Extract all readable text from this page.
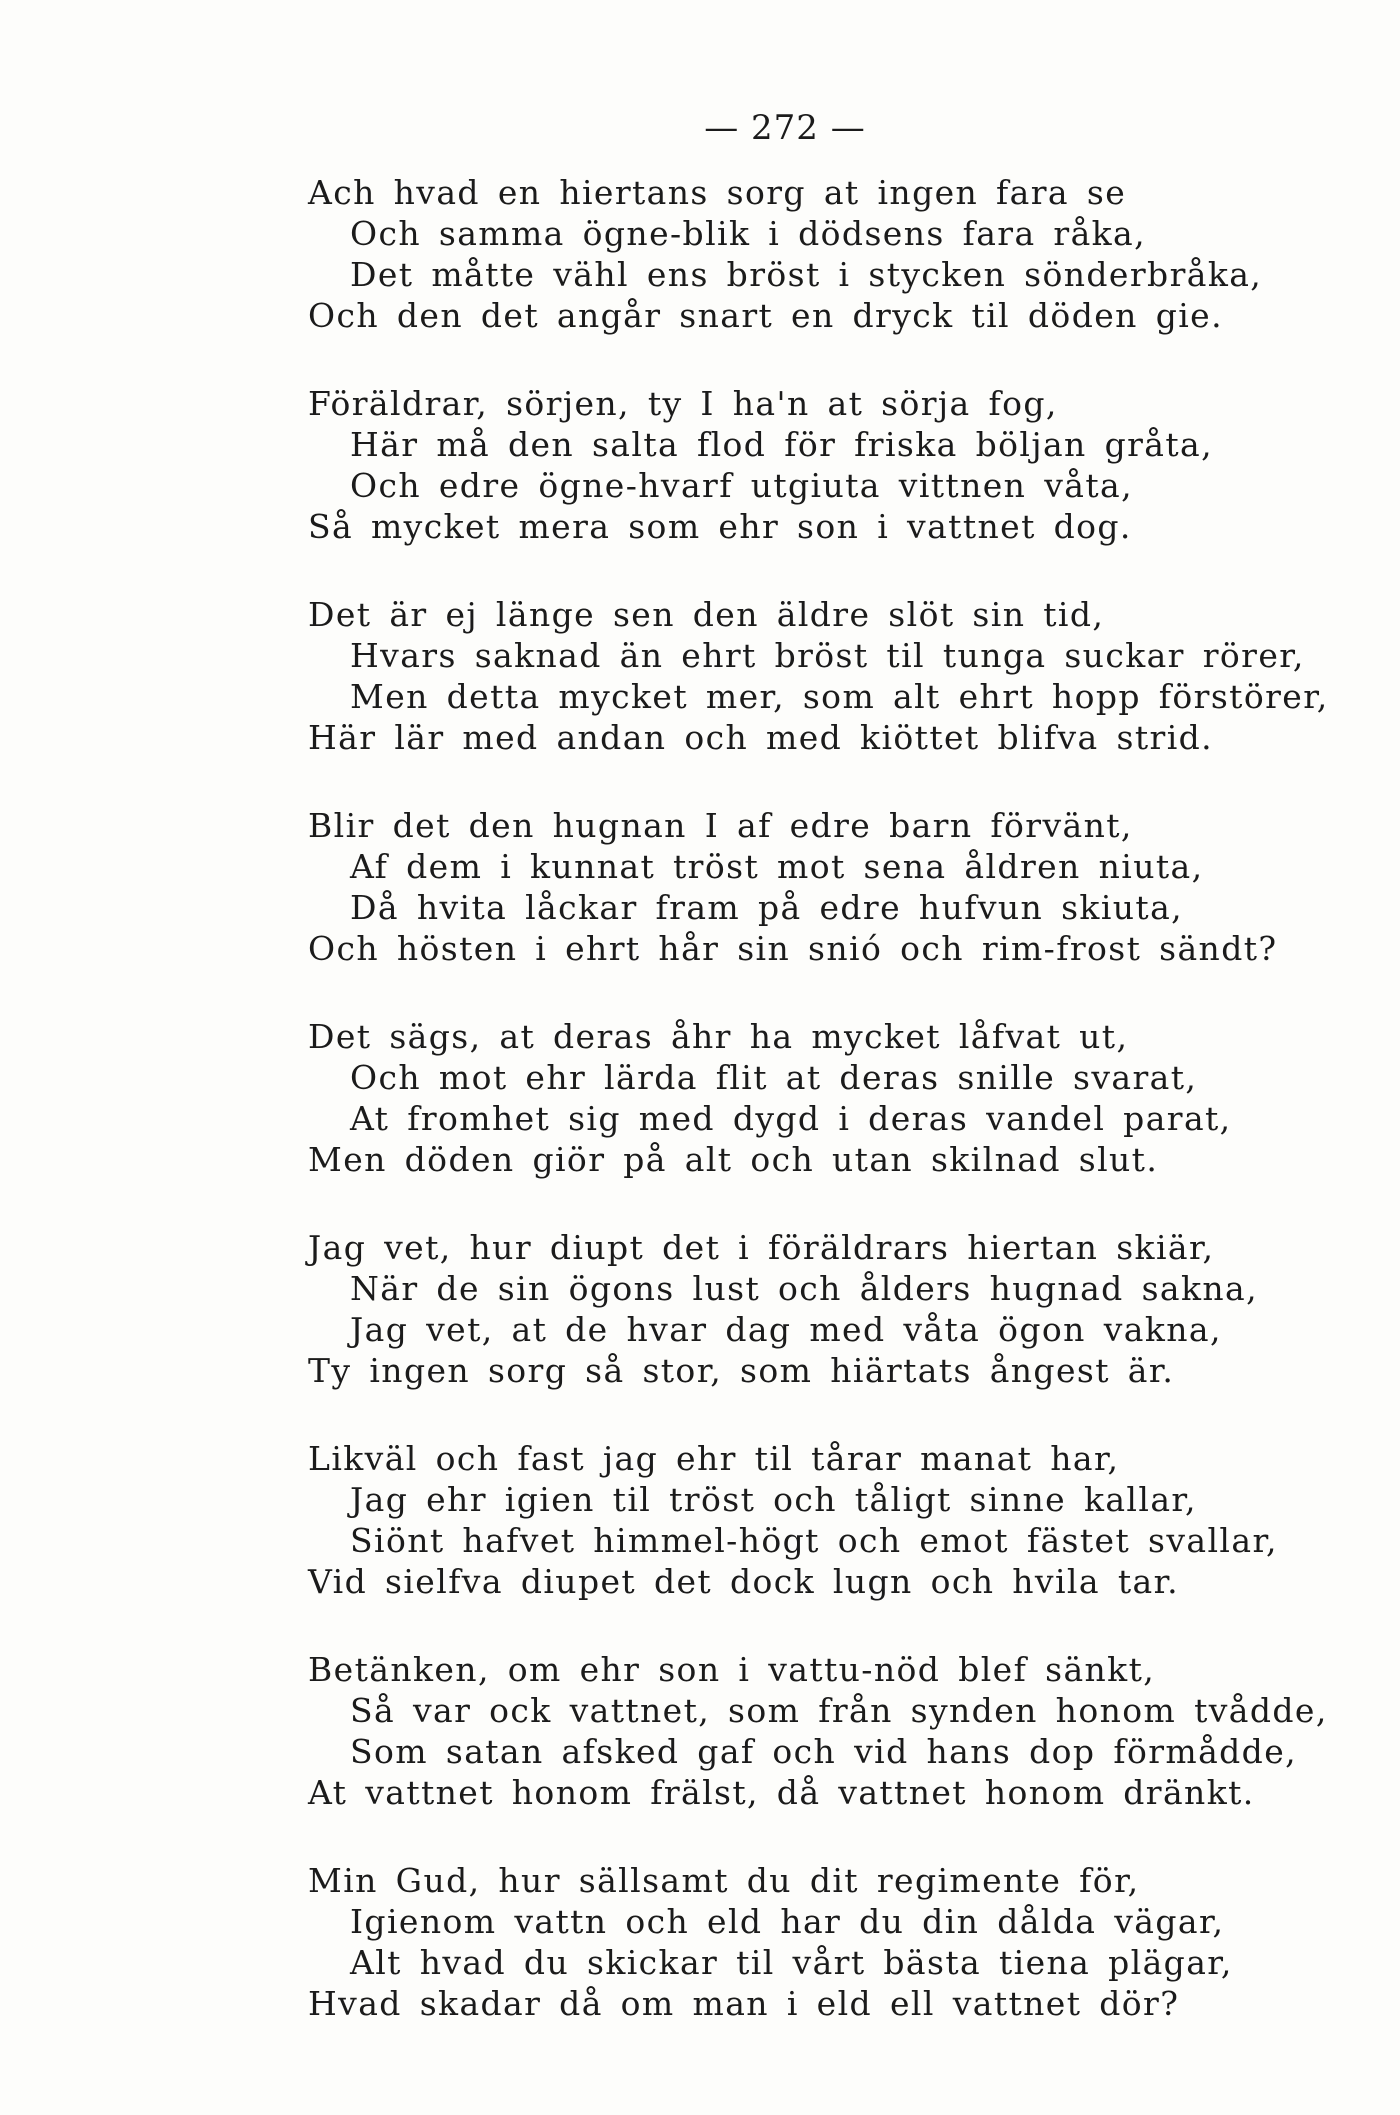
— 272 —
Ach hvad en hiertans sorg at ingen fara se
Och samma ögne-blik i dödsens fara råka,
Det måtte vähl ens bröst i stycken sönderbråka,
Och den det angår snart en dryck til döden gie.
Föräldrar, sörjen, ty I ha'n at sörja fog,
Här må den salta flod för friska böljan gråta,
Och edre ögne-hvarf utgiuta vittnen våta,
Så mycket mera som ehr son i vattnet dog.
Det är ej länge sen den äldre slöt sin tid,
Hvars saknad än ehrt bröst til tunga suckar rörer,
Men detta mycket mer, som alt ehrt hopp förstörer,
Här lär med andan och med kiöttet blifva strid.
Blir det den hugnan I af edre barn förvänt,
Af dem i kunnat tröst mot sena åldren niuta,
Då hvita låckar fram på edre hufvun skiuta,
Och hösten i ehrt hår sin snió och rim-frost sändt?
Det sägs, at deras åhr ha mycket låfvat ut,
Och mot ehr lärda flit at deras snille svarat,
At fromhet sig med dygd i deras vandel parat,
Men döden giör på alt och utan skilnad slut.
Jag vet, hur diupt det i föräldrars hiertan skiär,
När de sin ögons lust och ålders hugnad sakna,
Jag vet, at de hvar dag med våta ögon vakna,
Ty ingen sorg så stor, som hiärtats ångest är.
Likväl och fast jag ehr til tårar manat har,
Jag ehr igien til tröst och tåligt sinne kallar,
Siönt hafvet himmel-högt och emot fästet svallar,
Vid sielfva diupet det dock lugn och hvila tar.
Betänken, om ehr son i vattu-nöd blef sänkt,
Så var ock vattnet, som från synden honom tvådde,
Som satan afsked gaf och vid hans dop förmådde,
At vattnet honom frälst, då vattnet honom dränkt.
Min Gud, hur sällsamt du dit regimente för,
Igienom vattn och eld har du din dålda vägar,
Alt hvad du skickar til vårt bästa tiena plägar,
Hvad skadar då om man i eld ell vattnet dör?
